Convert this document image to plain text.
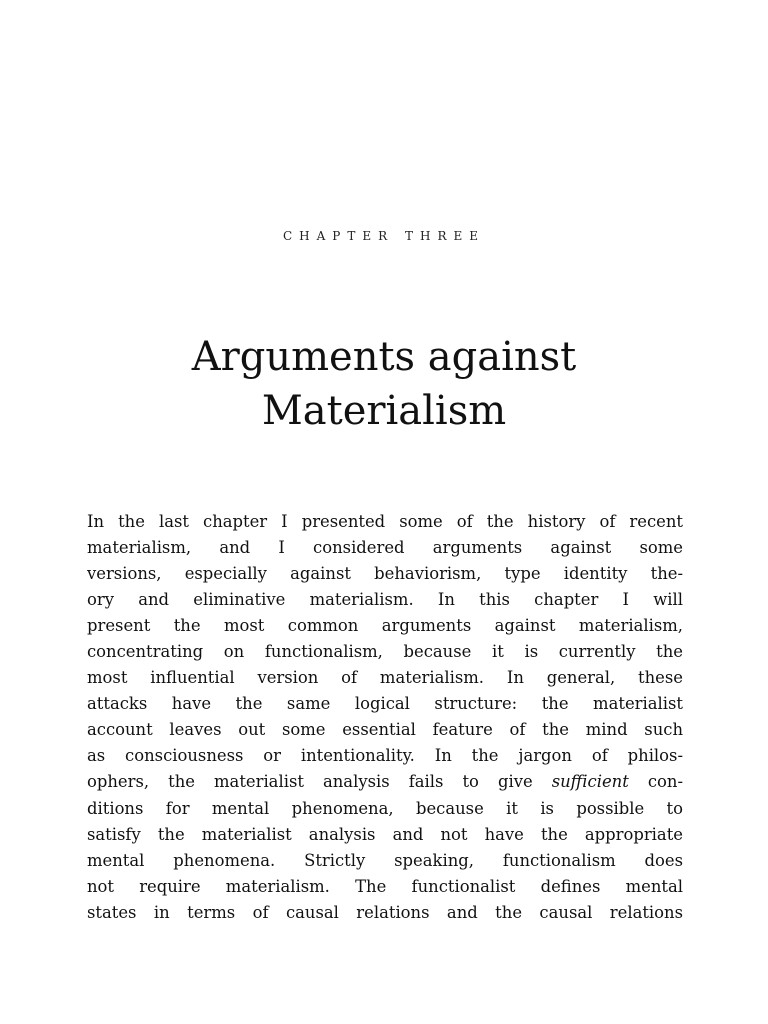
CHAPTER THREE
Arguments against
Materialism
In the last chapter I presented some of the history of recent
materialism, and I considered arguments against some
versions, especially against behaviorism, type identity the-
ory and eliminative materialism. In this chapter I will
present the most common arguments against materialism,
concentrating on functionalism, because it is currently the
most influential version of materialism. In general, these
attacks have the same logical structure: the materialist
account leaves out some essential feature of the mind such
as consciousness or intentionality. In the jargon of philos-
ophers, the materialist analysis fails to give sufficient con-
ditions for mental phenomena, because it is possible to
satisfy the materialist analysis and not have the appropriate
mental phenomena. Strictly speaking, functionalism does
not require materialism. The functionalist defines mental
states in terms of causal relations and the causal relations
